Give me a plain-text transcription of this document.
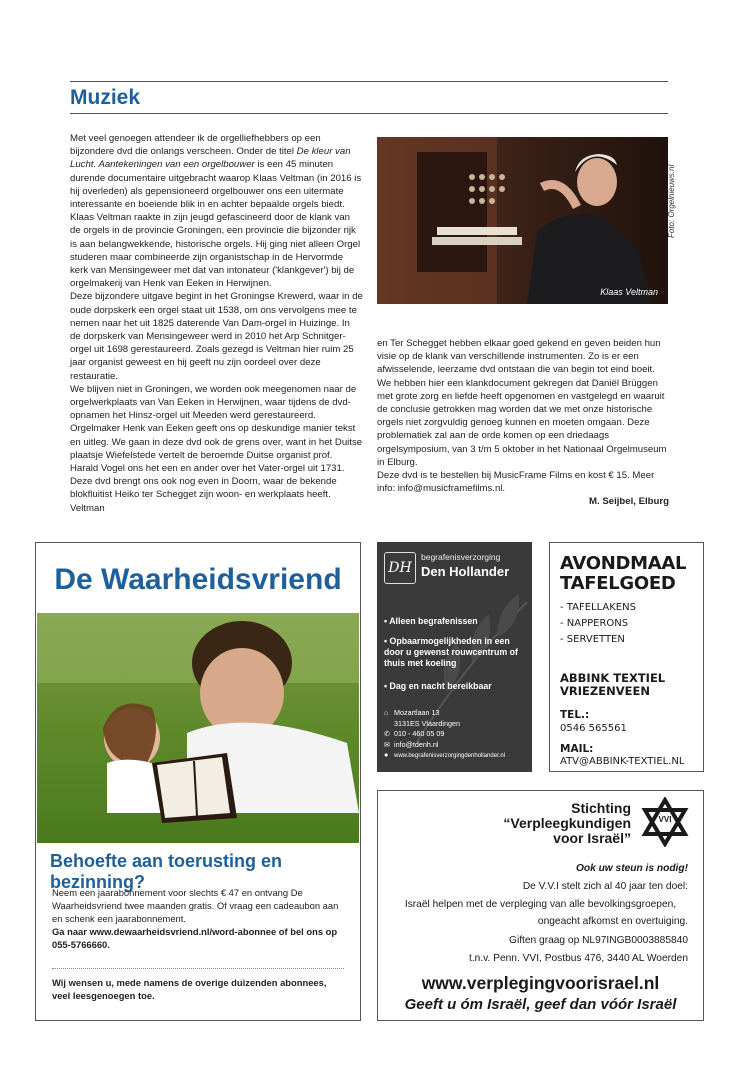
Muziek

Met veel genoegen attendeer ik de orgelliefhebbers op een bijzondere dvd die onlangs verscheen. Onder de titel De kleur van Lucht. Aantekeningen van een orgelbouwer is een 45 minuten durende documentaire uitgebracht waarop Klaas Veltman (in 2016 is hij overleden) als gepensioneerd orgelbouwer ons een uitermate interessante en boeiende blik in en achter bepaalde orgels biedt. Klaas Veltman raakte in zijn jeugd gefascineerd door de klank van de orgels in de provincie Groningen, een provincie die bijzonder rijk is aan belangwekkende, historische orgels. Hij ging niet alleen Orgel studeren maar combineerde zijn organistschap in de Hervormde kerk van Mensingeweer met dat van intonateur ('klankgever') bij de orgelmakerij van Henk van Eeken in Herwijnen.

Deze bijzondere uitgave begint in het Groningse Krewerd, waar in de oude dorpskerk een orgel staat uit 1538, om ons vervolgens mee te nemen naar het uit 1825 daterende Van Dam-orgel in Huizinge. In de dorpskerk van Mensingeweer werd in 2010 het Arp Schnitger-orgel uit 1698 gerestaureerd. Zoals gezegd is Veltman hier ruim 25 jaar organist geweest en hij geeft nu zijn oordeel over deze restauratie.

We blijven niet in Groningen, we worden ook meegenomen naar de orgelwerkplaats van Van Eeken in Herwijnen, waar tijdens de dvd-opnamen het Hinsz-orgel uit Meeden werd gerestaureerd. Orgelmaker Henk van Eeken geeft ons op deskundige manier tekst en uitleg. We gaan in deze dvd ook de grens over, want in het Duitse plaatsje Wiefelstede vertelt de beroemde Duitse organist prof. Harald Vogel ons het een en ander over het Vater-orgel uit 1731. Deze dvd brengt ons ook nog even in Doorn, waar de bekende blokfluitist Heiko ter Schegget zijn woon- en werkplaats heeft. Veltman

Klaas Veltman
Foto: Orgelnieuws.nl

en Ter Schegget hebben elkaar goed gekend en geven beiden hun visie op de klank van verschillende instrumenten. Zo is er een afwisselende, leerzame dvd ontstaan die van begin tot eind boeit.

We hebben hier een klankdocument gekregen dat Daniël Brüggen met grote zorg en liefde heeft opgenomen en vastgelegd en waaruit de conclusie getrokken mag worden dat we met onze historische orgels niet zorgvuldig genoeg kunnen en moeten omgaan. Deze problematiek zal aan de orde komen op een driedaags orgelsymposium, van 3 t/m 5 oktober in het Nationaal Orgelmuseum in Elburg.

Deze dvd is te bestellen bij MusicFrame Films en kost € 15. Meer info: info@musicframefilms.nl.

M. Seijbel, Elburg

De Waarheidsvriend
Behoefte aan toerusting en bezinning?
Neem een jaarabonnement voor slechts € 47 en ontvang De Waarheidsvriend twee maanden gratis. Of vraag een cadeaubon aan en schenk een jaarabonnement.
Ga naar www.dewaarheidsvriend.nl/word-abonnee of bel ons op 055-5766660.
Wij wensen u, mede namens de overige duizenden abonnees, veel leesgenoegen toe.
DH
begrafenisverzorging
Den Hollander
• Alleen begrafenissen
• Opbaarmogelijkheden in een door u gewenst rouwcentrum of thuis met koeling
• Dag en nacht bereikbaar
⌂ Mozartlaan 13
3131ES Vlaardingen
✆ 010 - 460 05 09
✉ info@tdenh.nl
● www.begrafenisverzorgingdenhollander.nl
AVONDMAAL TAFELGOED
- TAFELLAKENS
- NAPPERONS
- SERVETTEN
ABBINK TEXTIEL VRIEZENVEEN
TEL.:
0546 565561
MAIL:
ATV@ABBINK-TEXTIEL.NL
Stichting
“Verpleegkundigen
voor Israël”
VVI
Ook uw steun is nodig!
De V.V.I stelt zich al 40 jaar ten doel:
Israël helpen met de verpleging van alle bevolkingsgroepen,
ongeacht afkomst en overtuiging.
Giften graag op NL97INGB0003885840
t.n.v. Penn. VVI, Postbus 476, 3440 AL Woerden
www.verplegingvoorisrael.nl
Geeft u óm Israël, geef dan vóór Israël
